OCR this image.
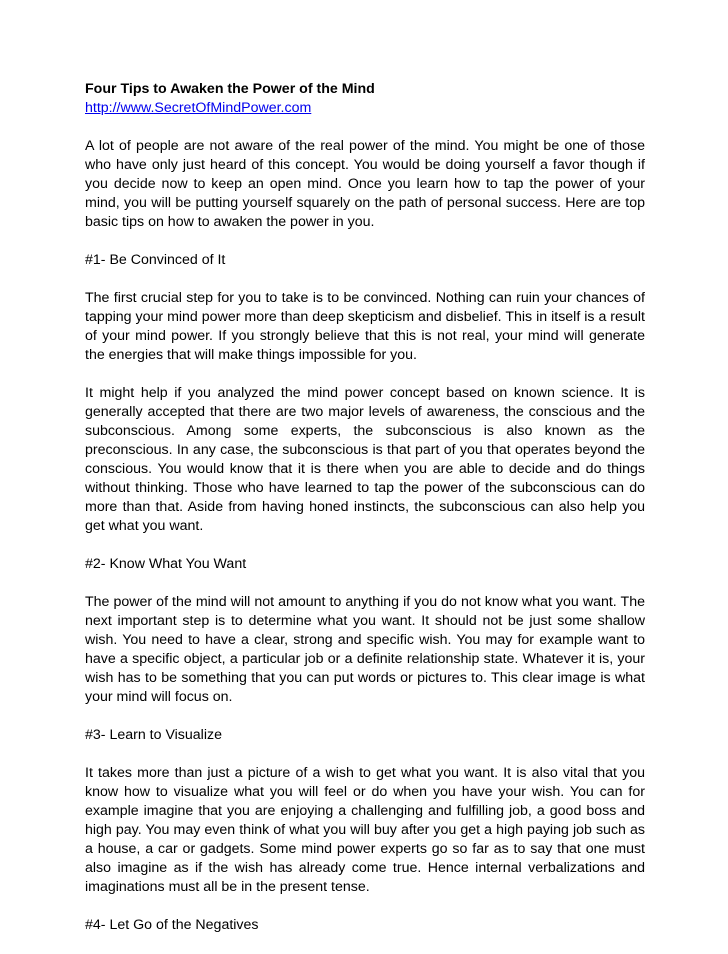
Four Tips to Awaken the Power of the Mind
http://www.SecretOfMindPower.com

A lot of people are not aware of the real power of the mind. You might be one of those who have only just heard of this concept. You would be doing yourself a favor though if you decide now to keep an open mind. Once you learn how to tap the power of your mind, you will be putting yourself squarely on the path of personal success. Here are top basic tips on how to awaken the power in you.

#1- Be Convinced of It

The first crucial step for you to take is to be convinced. Nothing can ruin your chances of tapping your mind power more than deep skepticism and disbelief. This in itself is a result of your mind power. If you strongly believe that this is not real, your mind will generate the energies that will make things impossible for you.

It might help if you analyzed the mind power concept based on known science. It is generally accepted that there are two major levels of awareness, the conscious and the subconscious. Among some experts, the subconscious is also known as the preconscious. In any case, the subconscious is that part of you that operates beyond the conscious. You would know that it is there when you are able to decide and do things without thinking. Those who have learned to tap the power of the subconscious can do more than that. Aside from having honed instincts, the subconscious can also help you get what you want.

#2- Know What You Want

The power of the mind will not amount to anything if you do not know what you want. The next important step is to determine what you want. It should not be just some shallow wish. You need to have a clear, strong and specific wish. You may for example want to have a specific object, a particular job or a definite relationship state. Whatever it is, your wish has to be something that you can put words or pictures to. This clear image is what your mind will focus on.

#3- Learn to Visualize

It takes more than just a picture of a wish to get what you want. It is also vital that you know how to visualize what you will feel or do when you have your wish. You can for example imagine that you are enjoying a challenging and fulfilling job, a good boss and high pay. You may even think of what you will buy after you get a high paying job such as a house, a car or gadgets. Some mind power experts go so far as to say that one must also imagine as if the wish has already come true. Hence internal verbalizations and imaginations must all be in the present tense.

#4- Let Go of the Negatives
